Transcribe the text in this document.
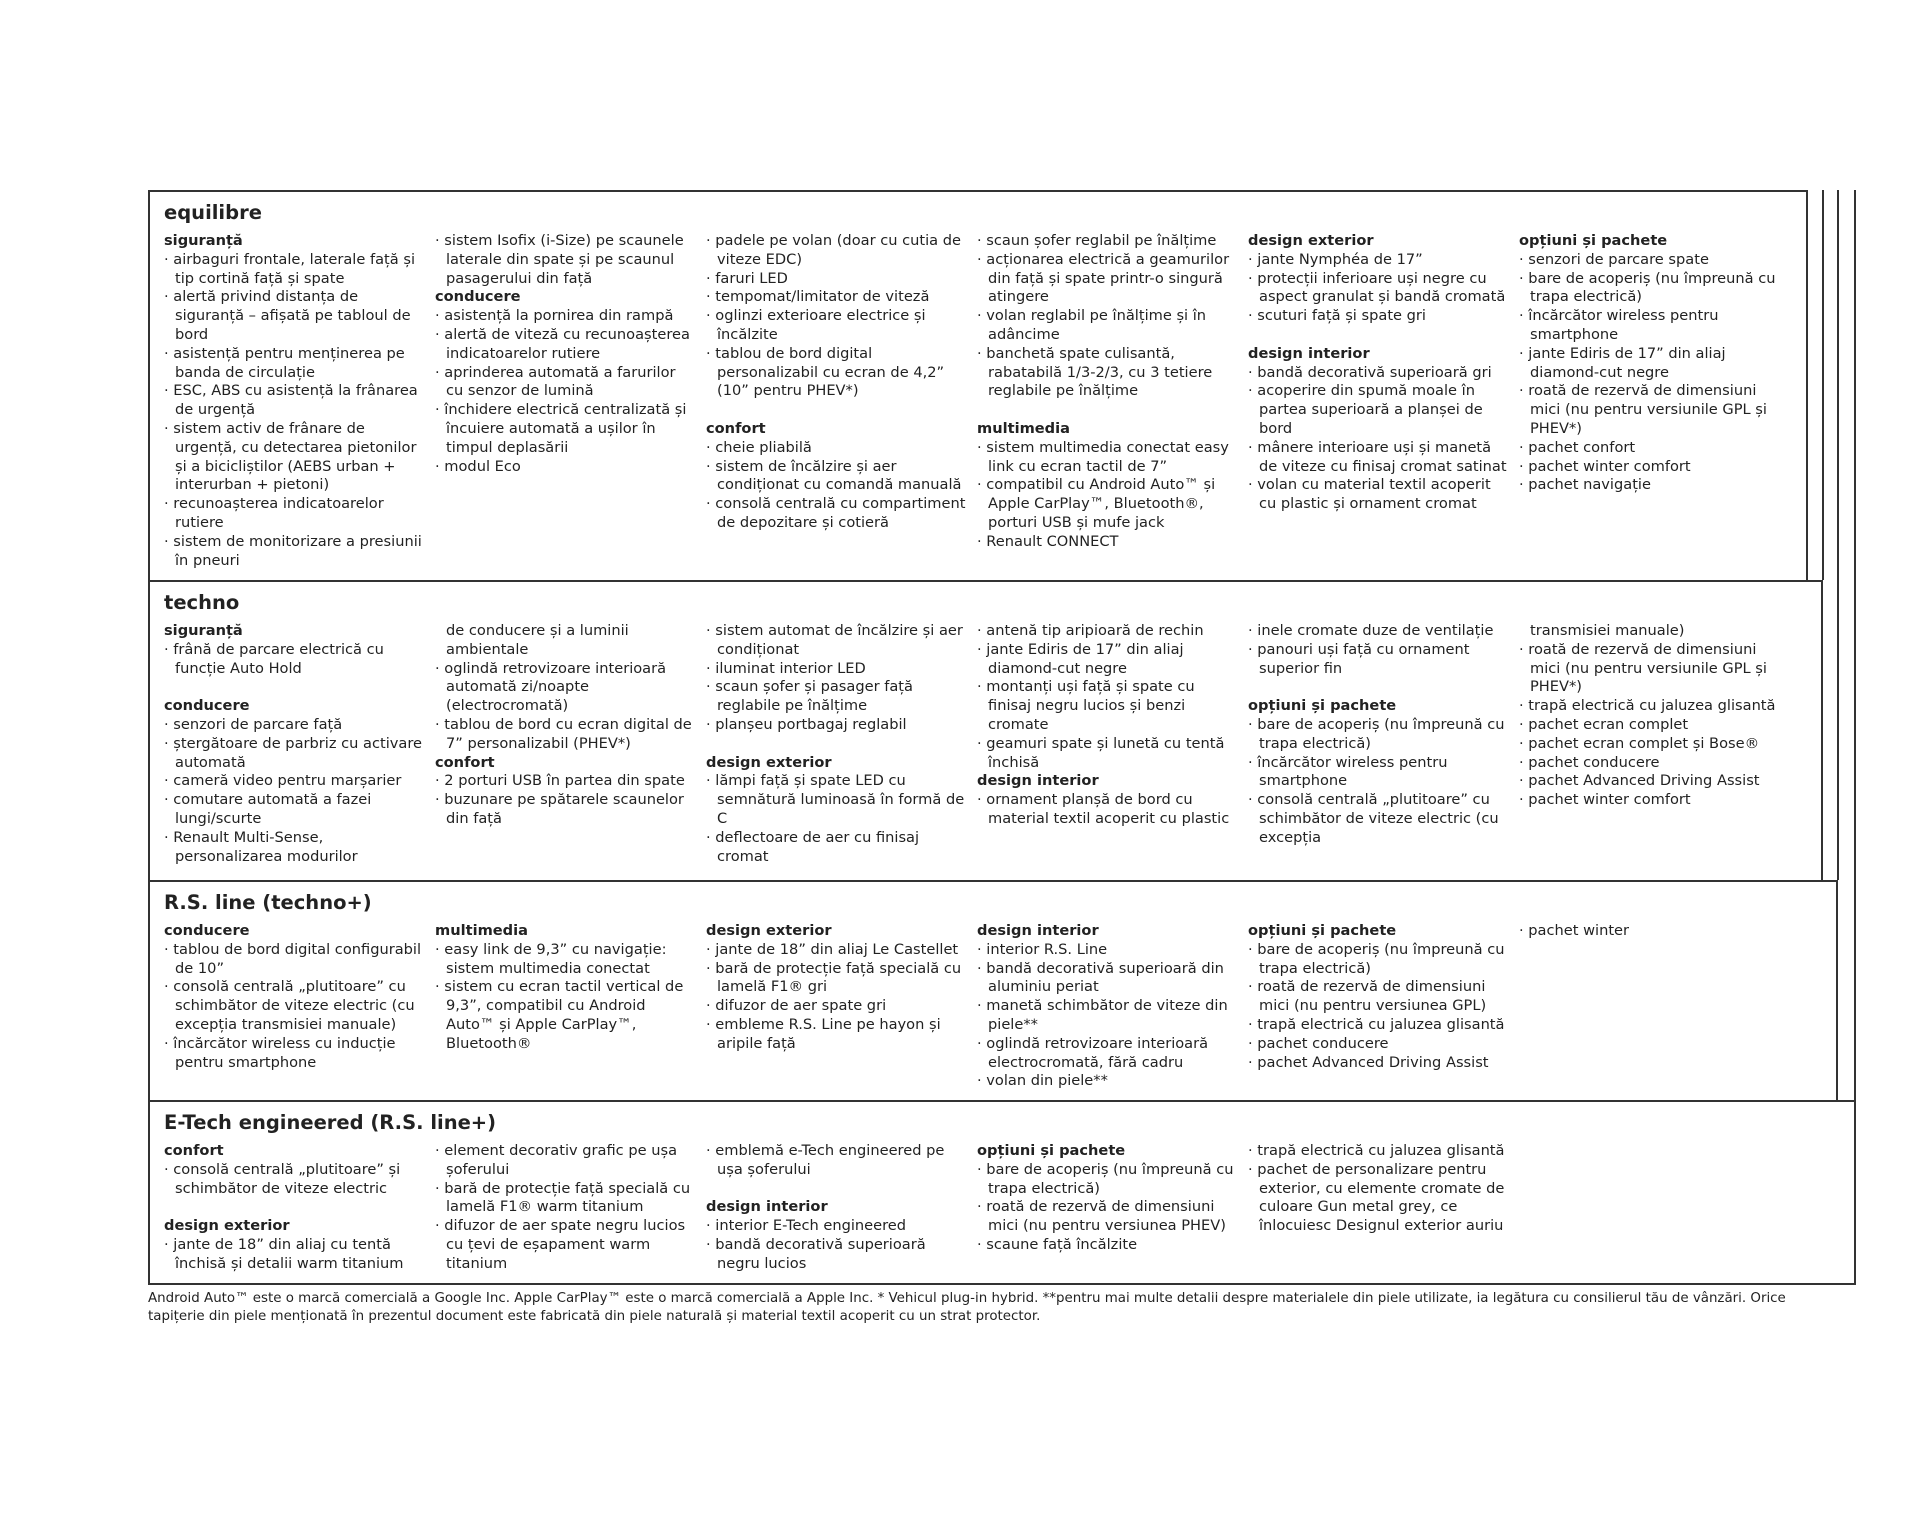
equilibre
siguranță
· airbaguri frontale, laterale față și tip cortină față și spate
· alertă privind distanța de siguranță – afișată pe tabloul de bord
· asistență pentru menținerea pe banda de circulație
· ESC, ABS cu asistență la frânarea de urgență
· sistem activ de frânare de urgență, cu detectarea pietonilor și a bicicliștilor (AEBS urban + interurban + pietoni)
· recunoașterea indicatoarelor rutiere
· sistem de monitorizare a presiunii în pneuri
· sistem Isofix (i-Size) pe scaunele laterale din spate și pe scaunul pasagerului din față
conducere
· asistență la pornirea din rampă
· alertă de viteză cu recunoașterea indicatoarelor rutiere
· aprinderea automată a farurilor cu senzor de lumină
· închidere electrică centralizată și încuiere automată a ușilor în timpul deplasării
· modul Eco
· padele pe volan (doar cu cutia de viteze EDC)
· faruri LED
· tempomat/limitator de viteză
· oglinzi exterioare electrice și încălzite
· tablou de bord digital personalizabil cu ecran de 4,2” (10” pentru PHEV*)
confort
· cheie pliabilă
· sistem de încălzire și aer condiționat cu comandă manuală
· consolă centrală cu compartiment de depozitare și cotieră
· scaun șofer reglabil pe înălțime
· acționarea electrică a geamurilor din față și spate printr-o singură atingere
· volan reglabil pe înălțime și în adâncime
· banchetă spate culisantă, rabatabilă 1/3-2/3, cu 3 tetiere reglabile pe înălțime
multimedia
· sistem multimedia conectat easy link cu ecran tactil de 7”
· compatibil cu Android Auto™ și Apple CarPlay™, Bluetooth®, porturi USB și mufe jack
· Renault CONNECT
design exterior
· jante Nymphéa de 17”
· protecții inferioare uși negre cu aspect granulat și bandă cromată
· scuturi față și spate gri
design interior
· bandă decorativă superioară gri
· acoperire din spumă moale în partea superioară a planșei de bord
· mânere interioare uși și manetă de viteze cu finisaj cromat satinat
· volan cu material textil acoperit cu plastic și ornament cromat
opțiuni și pachete
· senzori de parcare spate
· bare de acoperiș (nu împreună cu trapa electrică)
· încărcător wireless pentru smartphone
· jante Ediris de 17” din aliaj diamond-cut negre
· roată de rezervă de dimensiuni mici (nu pentru versiunile GPL și PHEV*)
· pachet confort
· pachet winter comfort
· pachet navigație
techno
siguranță
· frână de parcare electrică cu funcție Auto Hold
conducere
· senzori de parcare față
· ștergătoare de parbriz cu activare automată
· cameră video pentru marșarier
· comutare automată a fazei lungi/scurte
· Renault Multi-Sense, personalizarea modurilor
de conducere și a luminii ambientale
· oglindă retrovizoare interioară automată zi/noapte (electrocromată)
· tablou de bord cu ecran digital de 7” personalizabil (PHEV*)
confort
· 2 porturi USB în partea din spate
· buzunare pe spătarele scaunelor din față
· sistem automat de încălzire și aer condiționat
· iluminat interior LED
· scaun șofer și pasager față reglabile pe înălțime
· planșeu portbagaj reglabil
design exterior
· lămpi față și spate LED cu semnătură luminoasă în formă de C
· deflectoare de aer cu finisaj cromat
· antenă tip aripioară de rechin
· jante Ediris de 17” din aliaj diamond-cut negre
· montanți uși față și spate cu finisaj negru lucios și benzi cromate
· geamuri spate și lunetă cu tentă închisă
design interior
· ornament planșă de bord cu material textil acoperit cu plastic
· inele cromate duze de ventilație
· panouri uși față cu ornament superior fin
opțiuni și pachete
· bare de acoperiș (nu împreună cu trapa electrică)
· încărcător wireless pentru smartphone
· consolă centrală „plutitoare” cu schimbător de viteze electric (cu excepția
transmisiei manuale)
· roată de rezervă de dimensiuni mici (nu pentru versiunile GPL și PHEV*)
· trapă electrică cu jaluzea glisantă
· pachet ecran complet
· pachet ecran complet și Bose®
· pachet conducere
· pachet Advanced Driving Assist
· pachet winter comfort
R.S. line (techno+)
conducere
· tablou de bord digital configurabil de 10”
· consolă centrală „plutitoare” cu schimbător de viteze electric (cu excepția transmisiei manuale)
· încărcător wireless cu inducție pentru smartphone
multimedia
· easy link de 9,3” cu navigație: sistem multimedia conectat
· sistem cu ecran tactil vertical de 9,3”, compatibil cu Android Auto™ și Apple CarPlay™, Bluetooth®
design exterior
· jante de 18” din aliaj Le Castellet
· bară de protecție față specială cu lamelă F1® gri
· difuzor de aer spate gri
· embleme R.S. Line pe hayon și aripile față
design interior
· interior R.S. Line
· bandă decorativă superioară din aluminiu periat
· manetă schimbător de viteze din piele**
· oglindă retrovizoare interioară electrocromată, fără cadru
· volan din piele**
opțiuni și pachete
· bare de acoperiș (nu împreună cu trapa electrică)
· roată de rezervă de dimensiuni mici (nu pentru versiunea GPL)
· trapă electrică cu jaluzea glisantă
· pachet conducere
· pachet Advanced Driving Assist
· pachet winter
E-Tech engineered (R.S. line+)
confort
· consolă centrală „plutitoare” și schimbător de viteze electric
design exterior
· jante de 18” din aliaj cu tentă închisă și detalii warm titanium
· element decorativ grafic pe ușa șoferului
· bară de protecție față specială cu lamelă F1® warm titanium
· difuzor de aer spate negru lucios cu țevi de eșapament warm titanium
· emblemă e-Tech engineered pe ușa șoferului
design interior
· interior E-Tech engineered
· bandă decorativă superioară negru lucios
opțiuni și pachete
· bare de acoperiș (nu împreună cu trapa electrică)
· roată de rezervă de dimensiuni mici (nu pentru versiunea PHEV)
· scaune față încălzite
· trapă electrică cu jaluzea glisantă
· pachet de personalizare pentru exterior, cu elemente cromate de culoare Gun metal grey, ce înlocuiesc Designul exterior auriu
Android Auto™ este o marcă comercială a Google Inc. Apple CarPlay™ este o marcă comercială a Apple Inc. * Vehicul plug-in hybrid. **pentru mai multe detalii despre materialele din piele utilizate, ia legătura cu consilierul tău de vânzări. Orice tapițerie din piele menționată în prezentul document este fabricată din piele naturală și material textil acoperit cu un strat protector.
